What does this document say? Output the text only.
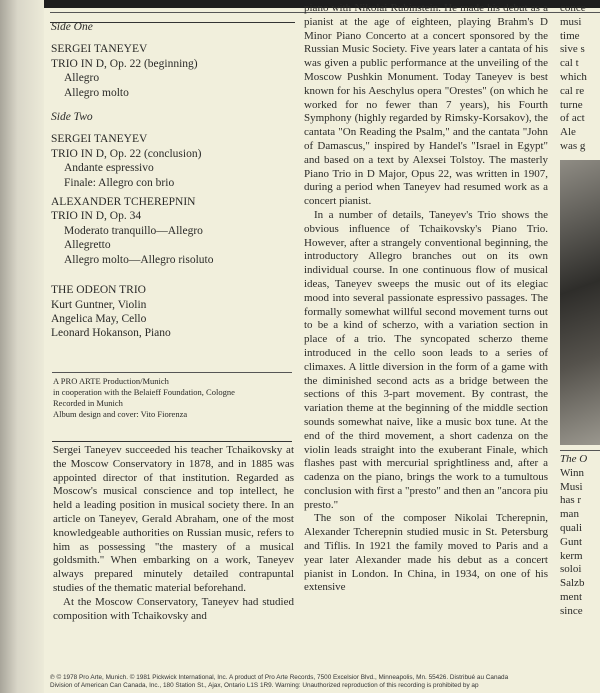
Side One
SERGEI TANEYEV
TRIO IN D, Op. 22 (beginning)
Allegro
Allegro molto
Side Two
SERGEI TANEYEV
TRIO IN D, Op. 22 (conclusion)
Andante espressivo
Finale: Allegro con brio
ALEXANDER TCHEREPNIN
TRIO IN D, Op. 34
Moderato tranquillo—Allegro
Allegretto
Allegro molto—Allegro risoluto
THE ODEON TRIO
Kurt Guntner, Violin
Angelica May, Cello
Leonard Hokanson, Piano
A PRO ARTE Production/Munich
in cooperation with the Belaieff Foundation, Cologne
Recorded in Munich
Album design and cover: Vito Fiorenza

Sergei Taneyev succeeded his teacher Tchaikovsky at the Moscow Conservatory in 1878, and in 1885 was appointed director of that institution. Regarded as Moscow's musical conscience and top intellect, he held a leading position in musical society there. In an article on Taneyev, Gerald Abraham, one of the most knowledgeable authorities on Russian music, refers to him as possessing "the mastery of a musical goldsmith." When embarking on a work, Taneyev always prepared minutely detailed contrapuntal studies of the thematic material beforehand.

At the Moscow Conservatory, Taneyev had studied composition with Tchaikovsky and

piano with Nikolai Rubinstein. He made his debut as a pianist at the age of eighteen, playing Brahm's D Minor Piano Concerto at a concert sponsored by the Russian Music Society. Five years later a cantata of his was given a public performance at the unveiling of the Moscow Pushkin Monument. Today Taneyev is best known for his Aeschylus opera "Orestes" (on which he worked for no fewer than 7 years), his Fourth Symphony (highly regarded by Rimsky-Korsakov), the cantata "On Reading the Psalm," and the cantata "John of Damascus," inspired by Handel's "Israel in Egypt" and based on a text by Alexsei Tolstoy. The masterly Piano Trio in D Major, Opus 22, was written in 1907, during a period when Taneyev had resumed work as a concert pianist.

In a number of details, Taneyev's Trio shows the obvious influence of Tchaikovsky's Piano Trio. However, after a strangely conventional beginning, the introductory Allegro branches out on its own individual course. In one continuous flow of musical ideas, Taneyev sweeps the music out of its elegiac mood into several passionate espressivo passages. The formally somewhat willful second movement turns out to be a kind of scherzo, with a variation section in place of a trio. The syncopated scherzo theme introduced in the cello soon leads to a series of climaxes. A little diversion in the form of a game with the diminished second acts as a bridge between the sections of this 3-part movement. By contrast, the variation theme at the beginning of the middle section sounds somewhat naive, like a music box tune. At the end of the third movement, a short cadenza on the violin leads straight into the exuberant Finale, which flashes past with mercurial sprightliness and, after a cadenza on the piano, brings the work to a tumultous conclusion with first a "presto" and then an "ancora piu presto."

The son of the composer Nikolai Tcherepnin, Alexander Tcherepnin studied music in St. Petersburg and Tiflis. In 1921 the family moved to Paris and a year later Alexander made his debut as a concert pianist in London. In China, in 1934, on one of his extensive

conce
musi
time
sive s
cal t
which
cal re
turne
of act
Ale
was g
The O
Winn
Musi
has r
man
quali
Gunt
kerm
soloi
Salzb
ment
since
℗ © 1978 Pro Arte, Munich. © 1981 Pickwick International, Inc. A product of Pro Arte Records, 7500 Excelsior Blvd., Minneapolis, Mn. 55426. Distribué au Canada
Division of American Can Canada, Inc., 180 Station St., Ajax, Ontario L1S 1R9. Warning: Unauthorized reproduction of this recording is prohibited by ap
